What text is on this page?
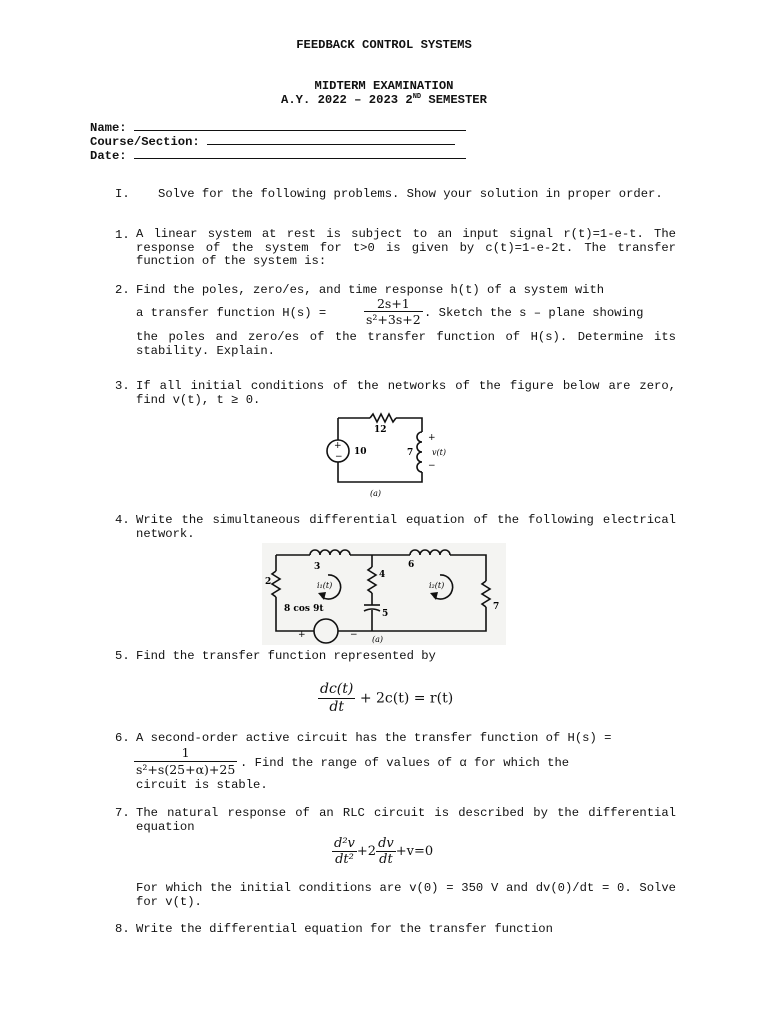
FEEDBACK CONTROL SYSTEMS
MIDTERM EXAMINATION
A.Y. 2022 – 2023 2ND SEMESTER
Name:
Course/Section:
Date:
I. Solve for the following problems. Show your solution in proper order.
1. A linear system at rest is subject to an input signal r(t)=1-e-t. The response of the system for t>0 is given by c(t)=1-e-2t. The transfer function of the system is:
2. Find the poles, zero/es, and time response h(t) of a system with
a transfer function H(s) =	$\frac{2s+1}{\text{s²+3s+2}}$ . Sketch the s – plane showing
the poles and zero/es of the transfer function of H(s). Determine its stability. Explain.
3. If all initial conditions of the networks of the figure below are zero, find v(t), t ≥ 0.
+
−
12
10	7
+
v(t)
−
(a)
4. Write the simultaneous differential equation of the following electrical network.
3	6
2
4
7
5
i₁(t)	i₂(t)
8 cos 9t
+	− (a)
5. Find the transfer function represented by
$\frac{dc(t)}{dt} + 2c(t) = r(t)$
6. A second-order active circuit has the transfer function of H(s) =
$\frac{1}{\text{s²+s(25+α)+25}}$ . Find the range of values of α for which the
circuit is stable.
7. The natural response of an RLC circuit is described by the differential equation
$\frac{\text{d²v}}{\text{dt²}} +2 \frac{dv}{dt} +v=0$
For which the initial conditions are v(0) = 350 V and dv(0)/dt = 0. Solve for v(t).
8. Write the differential equation for the transfer function
